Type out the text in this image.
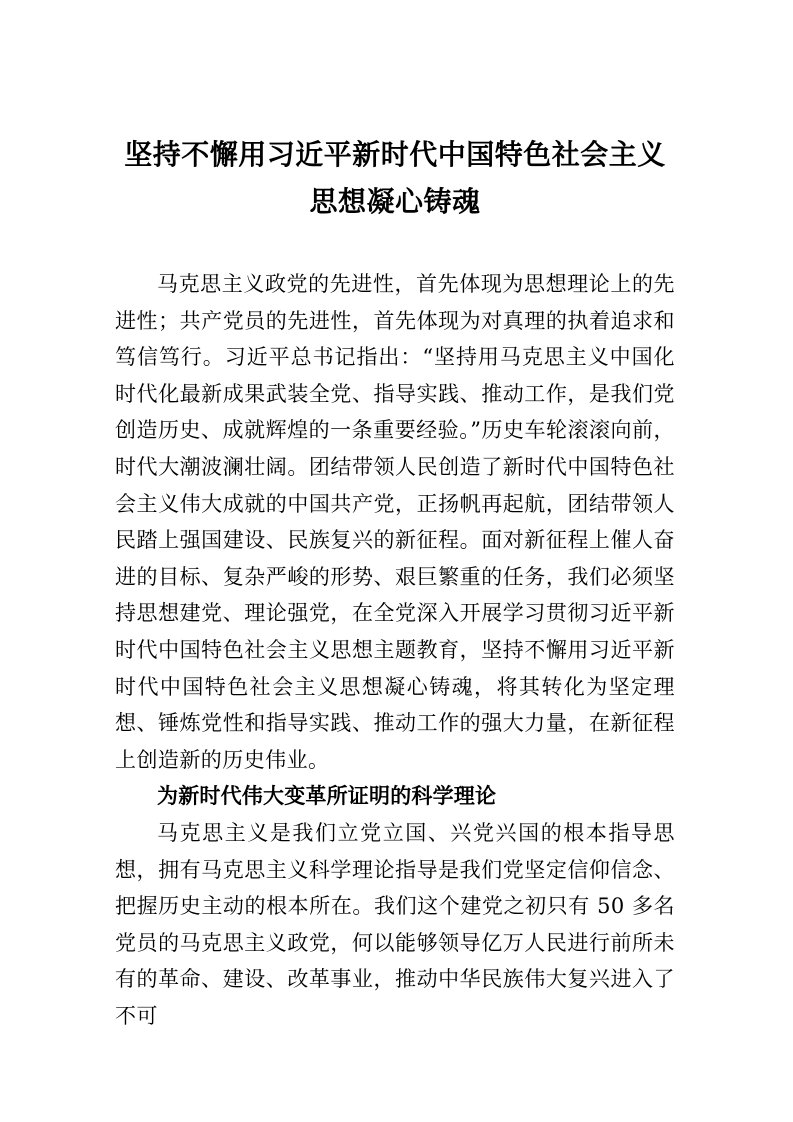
坚持不懈用习近平新时代中国特色社会主义思想凝心铸魂

马克思主义政党的先进性，首先体现为思想理论上的先进性；共产党员的先进性，首先体现为对真理的执着追求和笃信笃行。习近平总书记指出：“坚持用马克思主义中国化时代化最新成果武装全党、指导实践、推动工作，是我们党创造历史、成就辉煌的一条重要经验。”历史车轮滚滚向前，时代大潮波澜壮阔。团结带领人民创造了新时代中国特色社会主义伟大成就的中国共产党，正扬帆再起航，团结带领人民踏上强国建设、民族复兴的新征程。面对新征程上催人奋进的目标、复杂严峻的形势、艰巨繁重的任务，我们必须坚持思想建党、理论强党，在全党深入开展学习贯彻习近平新时代中国特色社会主义思想主题教育，坚持不懈用习近平新时代中国特色社会主义思想凝心铸魂，将其转化为坚定理想、锤炼党性和指导实践、推动工作的强大力量，在新征程上创造新的历史伟业。

为新时代伟大变革所证明的科学理论

马克思主义是我们立党立国、兴党兴国的根本指导思想，拥有马克思主义科学理论指导是我们党坚定信仰信念、把握历史主动的根本所在。我们这个建党之初只有 50 多名党员的马克思主义政党，何以能够领导亿万人民进行前所未有的革命、建设、改革事业，推动中华民族伟大复兴进入了不可
